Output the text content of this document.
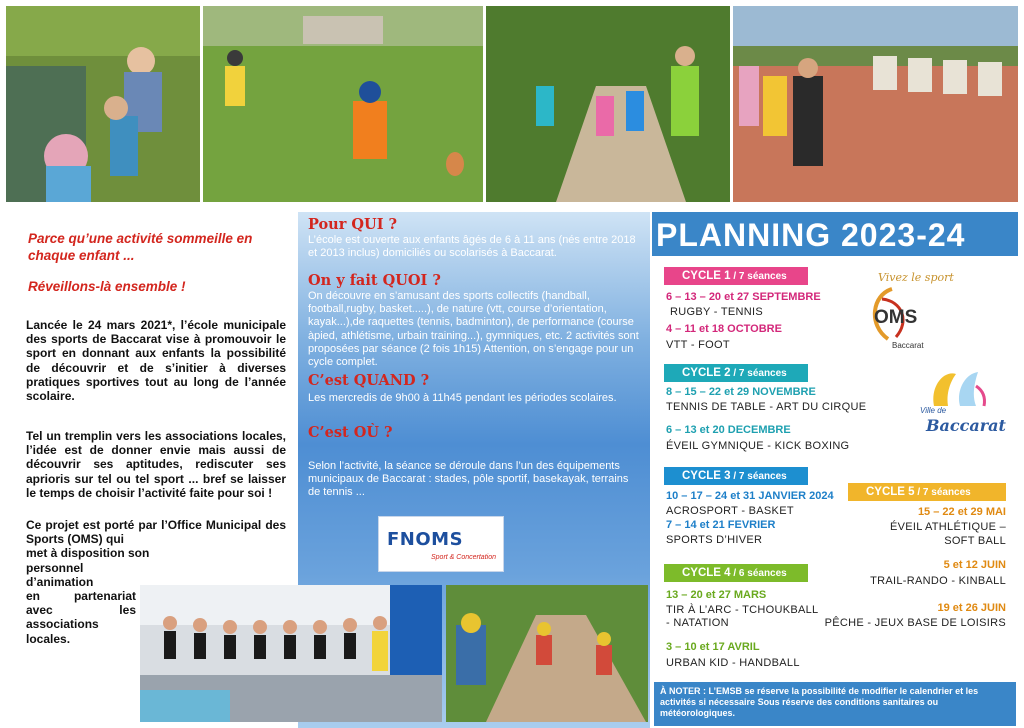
Parce qu’une activité sommeille en chaque enfant ...
Réveillons-là ensemble !
Lancée le 24 mars 2021*, l’école municipale des sports de Baccarat vise à promouvoir le sport en donnant aux enfants la possibilité de découvrir et de s’initier à diverses pratiques sportives tout au long de l’année scolaire.
Tel un tremplin vers les associations locales, l’idée est de donner envie mais aussi de découvrir ses aptitudes, rediscuter ses aprioris sur tel ou tel sport ... bref se laisser le temps de choisir l’activité faite pour soi !
Ce projet est porté par l’Office Municipal des Sports (OMS) qui
met à disposition son
personnel d’animation
en partenariat
avec les
associations
locales.
Pour QUI ?
L’école est ouverte aux enfants âgés de 6 à 11 ans (nés entre 2018 et 2013 inclus) domiciliés ou scolarisés à Baccarat.
On y fait QUOI ?
On découvre en s’amusant des sports collectifs (handball, football,rugby, basket.....), de nature (vtt, course d’orientation, kayak...),de raquettes (tennis, badminton), de performance (course àpied, athlétisme, urbain training...), gymniques, etc. 2 activités sont proposées par séance (2 fois 1h15) Attention, on s’engage pour un cycle complet.
C’est QUAND ?
Les mercredis de 9h00 à 11h45 pendant les périodes scolaires.
C’est OÙ ?
Selon l’activité, la séance se déroule dans l’un des équipements municipaux de Baccarat : stades, pôle sportif, basekayak, terrains de tennis ...
FNOMS
Sport & Concertation
PLANNING 2023-24
Vivez le sport
OMS
Baccarat
Ville de
Baccarat
CYCLE 1 / 7 séances
6 – 13 – 20 et 27 SEPTEMBRE
RUGBY - TENNIS
4 – 11 et 18 OCTOBRE
VTT - FOOT
CYCLE 2 / 7 séances
8 – 15 – 22 et 29 NOVEMBRE
TENNIS DE TABLE - ART DU CIRQUE
6 – 13 et 20 DECEMBRE
ÉVEIL GYMNIQUE - KICK BOXING
CYCLE 3 / 7 séances
10 – 17 – 24 et 31 JANVIER 2024
ACROSPORT - BASKET
7 – 14 et 21 FEVRIER
SPORTS D’HIVER
CYCLE 4 / 6 séances
13 – 20 et 27 MARS
TIR À L’ARC - TCHOUKBALL
- NATATION
3 – 10 et 17 AVRIL
URBAN KID - HANDBALL
CYCLE 5 / 7 séances
15 – 22 et 29 MAI
ÉVEIL ATHLÉTIQUE –
SOFT BALL
5 et 12 JUIN
TRAIL-RANDO - KINBALL
19 et 26 JUIN
PÊCHE - JEUX BASE DE LOISIRS
À NOTER : L’EMSB se réserve la possibilité de modifier le calendrier et les activités si nécessaire Sous réserve des conditions sanitaires ou météorologiques.
